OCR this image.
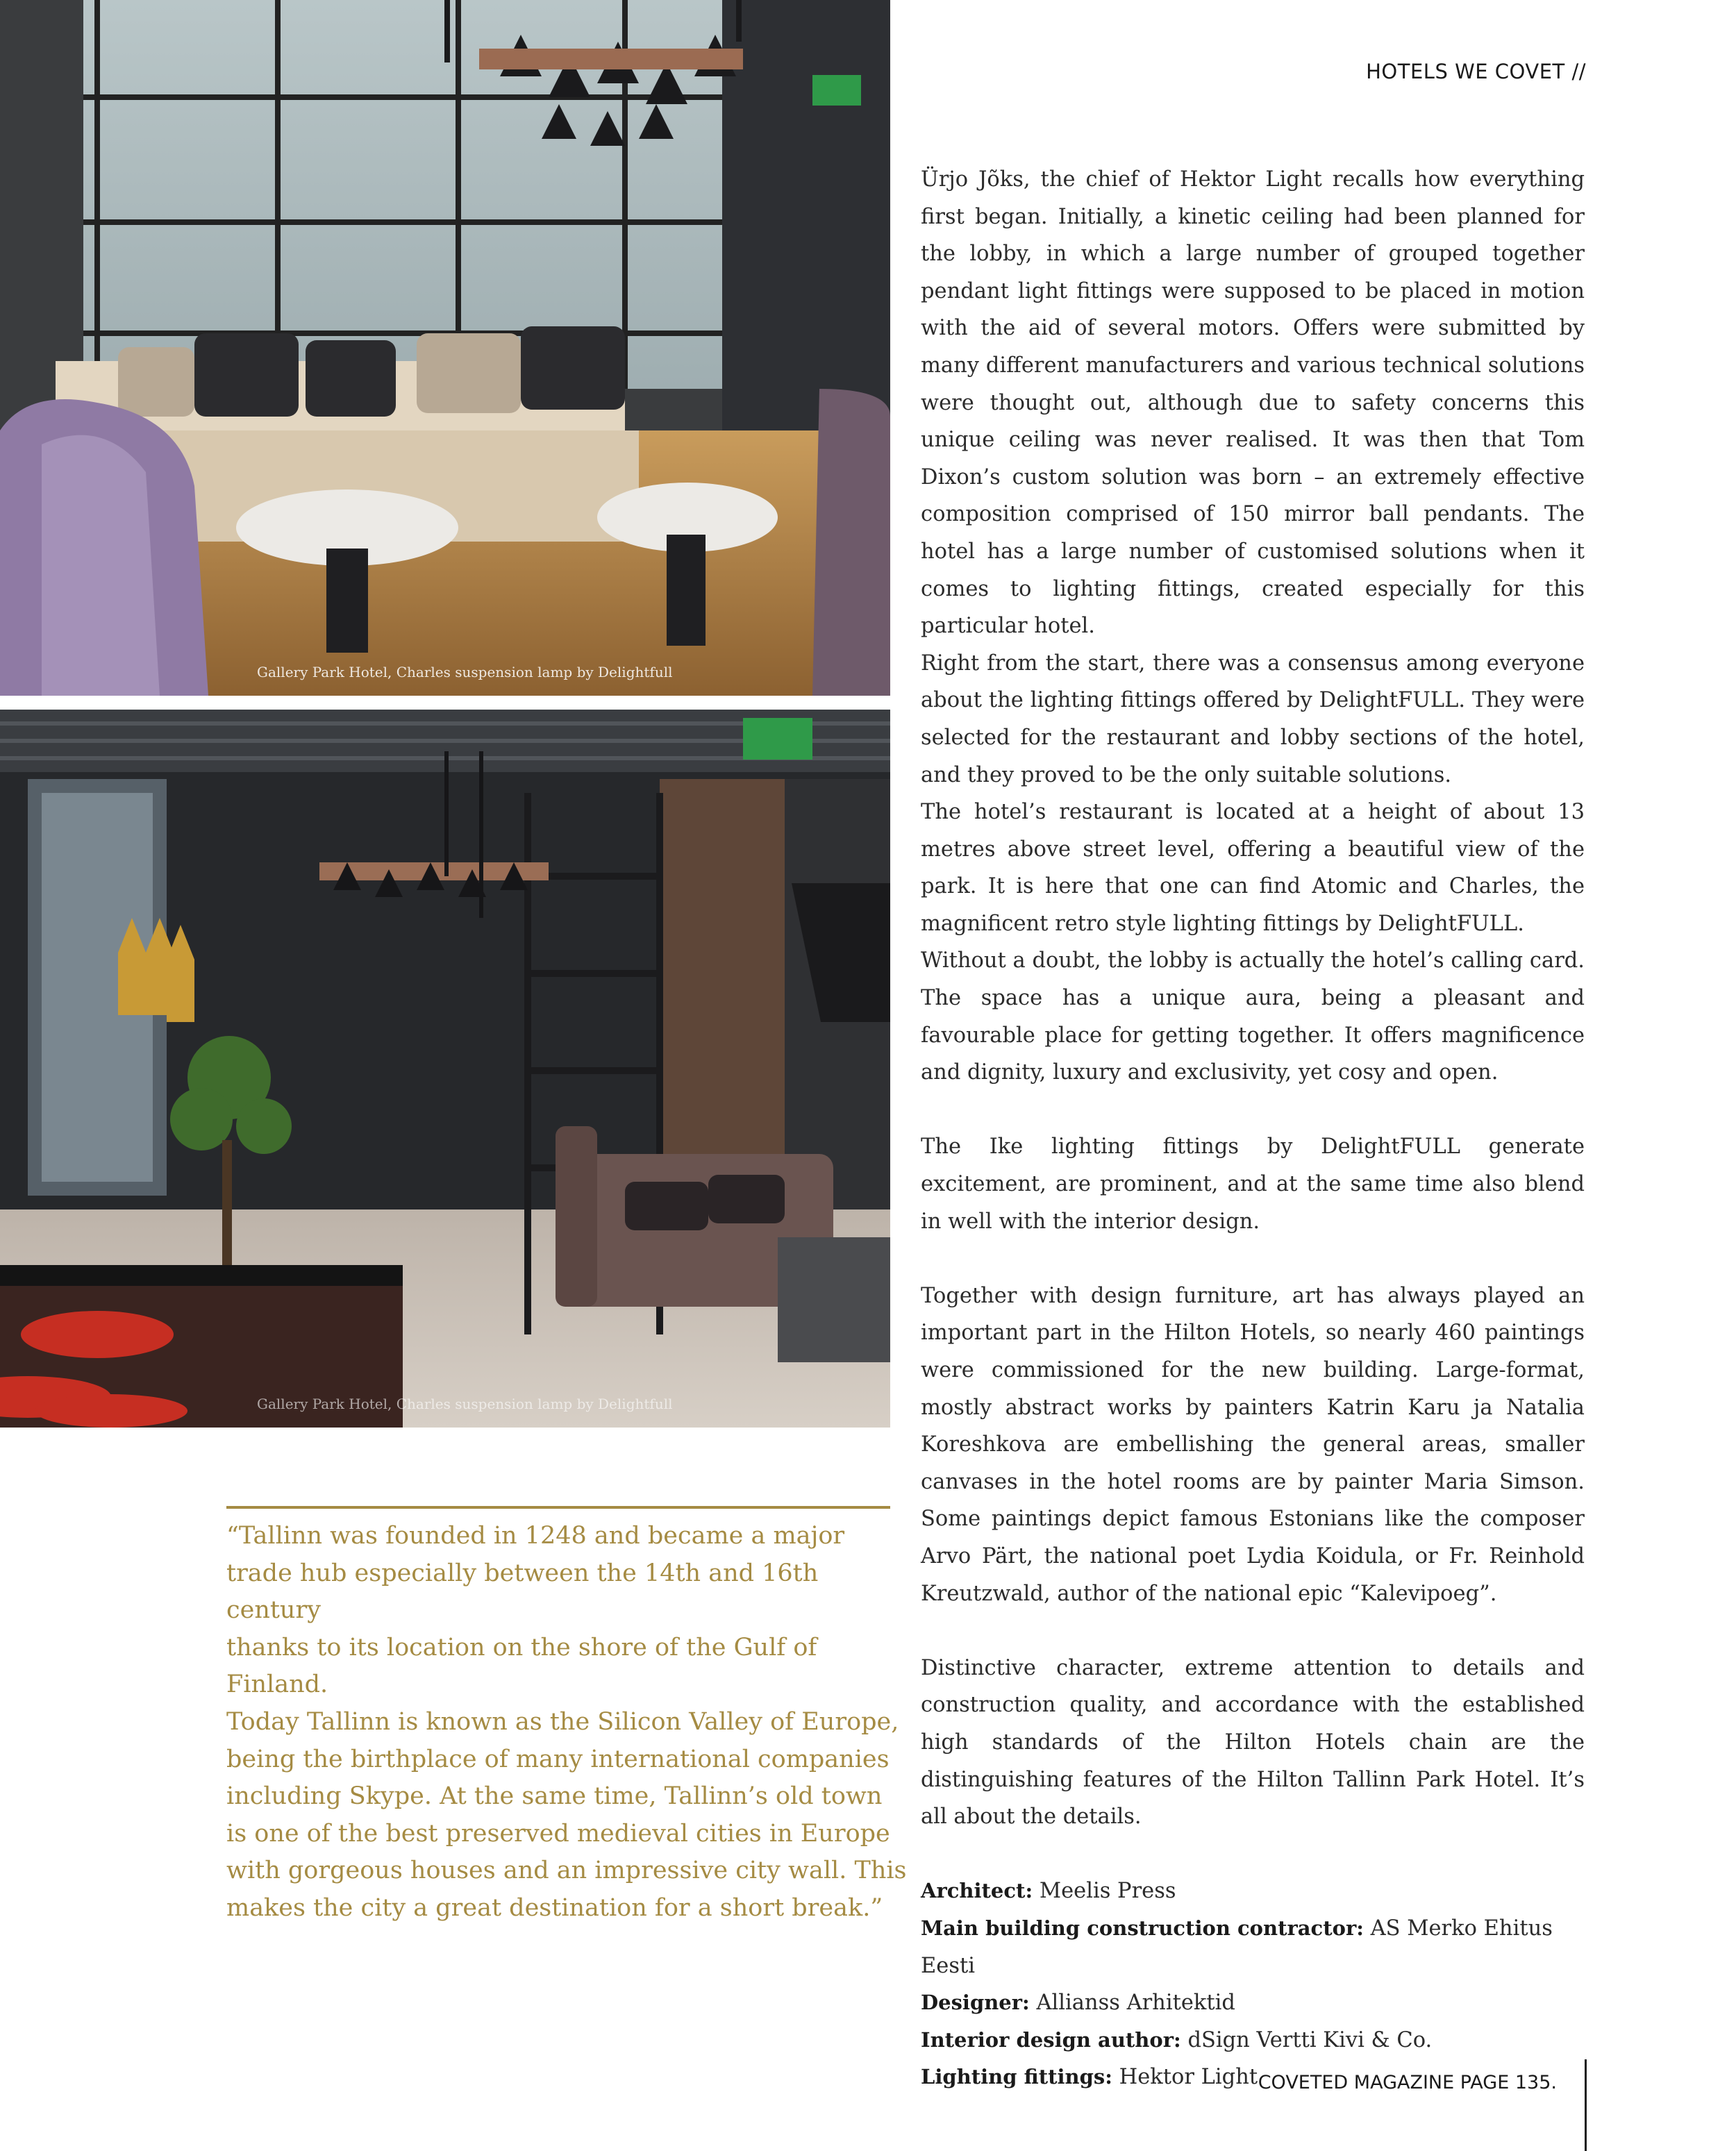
HOTELS WE COVET //
Gallery Park Hotel, Charles suspension lamp by Delightfull
Gallery Park Hotel, Charles suspension lamp by Delightfull
“Tallinn was founded in 1248 and became a major
trade hub especially between the 14th and 16th century
thanks to its location on the shore of the Gulf of Finland.
Today Tallinn is known as the Silicon Valley of Europe,
being the birthplace of many international companies
including Skype. At the same time, Tallinn’s old town
is one of the best preserved medieval cities in Europe
with gorgeous houses and an impressive city wall. This
makes the city a great destination for a short break.”

Ürjo Jõks, the chief of Hektor Light recalls how everything first began. Initially, a kinetic ceiling had been planned for the lobby, in which a large number of grouped together pendant light fittings were supposed to be placed in motion with the aid of several motors. Offers were submitted by many different manufacturers and various technical solutions were thought out, although due to safety concerns this unique ceiling was never realised. It was then that Tom Dixon’s custom solution was born – an extremely effective composition comprised of 150 mirror ball pendants. The hotel has a large number of customised solutions when it comes to lighting fittings, created especially for this particular hotel.

Right from the start, there was a consensus among everyone about the lighting fittings offered by DelightFULL. They were selected for the restaurant and lobby sections of the hotel, and they proved to be the only suitable solutions.

The hotel’s restaurant is located at a height of about 13 metres above street level, offering a beautiful view of the park. It is here that one can find Atomic and Charles, the magnificent retro style lighting fittings by DelightFULL.

Without a doubt, the lobby is actually the hotel’s calling card. The space has a unique aura, being a pleasant and favourable place for getting together. It offers magnificence and dignity, luxury and exclusivity, yet cosy and open.

The Ike lighting fittings by DelightFULL generate excitement, are prominent, and at the same time also blend in well with the interior design.

Together with design furniture, art has always played an important part in the Hilton Hotels, so nearly 460 paintings were commissioned for the new building. Large-format, mostly abstract works by painters Katrin Karu ja Natalia Koreshkova are embellishing the general areas, smaller canvases in the hotel rooms are by painter Maria Simson. Some paintings depict famous Estonians like the composer Arvo Pärt, the national poet Lydia Koidula, or Fr. Reinhold Kreutzwald, author of the national epic “Kalevipoeg”.

Distinctive character, extreme attention to details and construction quality, and accordance with the established high standards of the Hilton Hotels chain are the distinguishing features of the Hilton Tallinn Park Hotel. It’s all about the details.

Architect: Meelis Press
Main building construction contractor: AS Merko Ehitus Eesti
Designer: Allianss Arhitektid
Interior design author: dSign Vertti Kivi & Co.
Lighting fittings: Hektor Light COVETED MAGAZINE PAGE 135.
